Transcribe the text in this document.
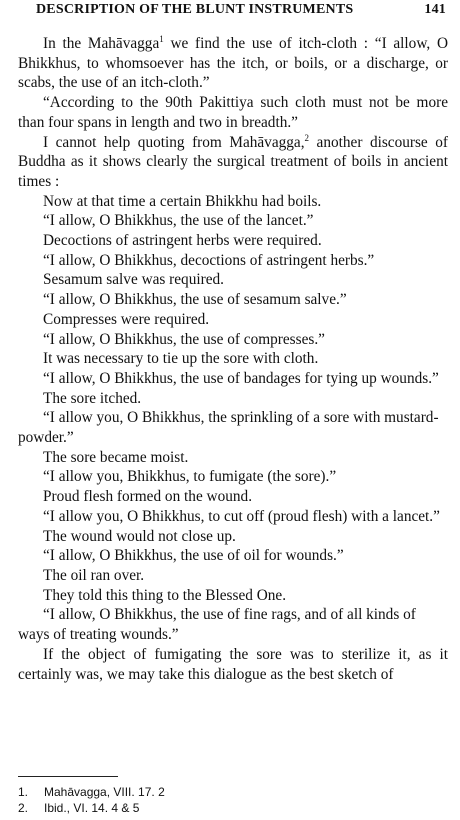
DESCRIPTION OF THE BLUNT INSTRUMENTS	141

In the Mahāvagga$^1$ we find the use of itch-cloth : “I allow, O Bhikkhus, to whomsoever has the itch, or boils, or a discharge, or scabs, the use of an itch-cloth.”

“According to the 90th Pakittiya such cloth must not be more than four spans in length and two in breadth.”

I cannot help quoting from Mahāvagga,$^2$ another discourse of Buddha as it shows clearly the surgical treatment of boils in ancient times :

Now at that time a certain Bhikkhu had boils.

“I allow, O Bhikkhus, the use of the lancet.”

Decoctions of astringent herbs were required.

“I allow, O Bhikkhus, decoctions of astringent herbs.”

Sesamum salve was required.

“I allow, O Bhikkhus, the use of sesamum salve.”

Compresses were required.

“I allow, O Bhikkhus, the use of compresses.”

It was necessary to tie up the sore with cloth.

“I allow, O Bhikkhus, the use of bandages for tying up wounds.”

The sore itched.

“I allow you, O Bhikkhus, the sprinkling of a sore with mustard-powder.”

The sore became moist.

“I allow you, Bhikkhus, to fumigate (the sore).”

Proud flesh formed on the wound.

“I allow you, O Bhikkhus, to cut off (proud flesh) with a lancet.”

The wound would not close up.

“I allow, O Bhikkhus, the use of oil for wounds.”

The oil ran over.

They told this thing to the Blessed One.

“I allow, O Bhikkhus, the use of fine rags, and of all kinds of ways of treating wounds.”

If the object of fumigating the sore was to sterilize it, as it certainly was, we may take this dialogue as the best sketch of

1.	Mahāvagga, VIII. 17. 2
2.	Ibid., VI. 14. 4 & 5
